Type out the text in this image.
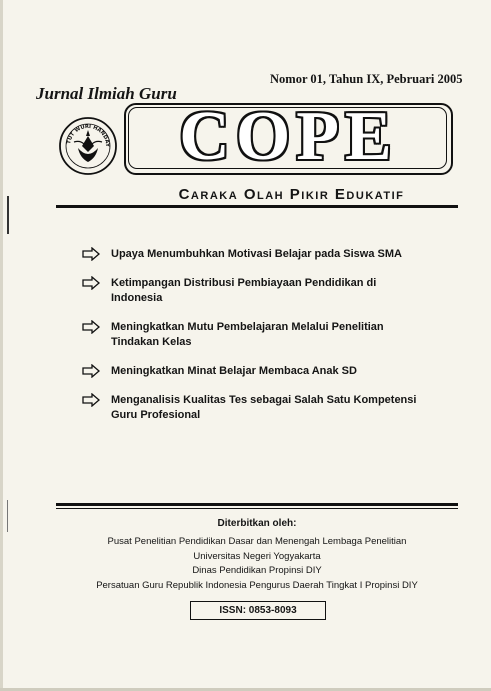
Nomor 01, Tahun IX, Pebruari 2005
Jurnal Ilmiah Guru
TUT WURI HANDAY COPE
Caraka Olah Pikir Edukatif
Upaya Menumbuhkan Motivasi Belajar pada Siswa SMA
Ketimpangan Distribusi Pembiayaan Pendidikan di
Indonesia
Meningkatkan Mutu Pembelajaran Melalui Penelitian
Tindakan Kelas
Meningkatkan Minat Belajar Membaca Anak SD
Menganalisis Kualitas Tes sebagai Salah Satu Kompetensi
Guru Profesional
Diterbitkan oleh:
Pusat Penelitian Pendidikan Dasar dan Menengah Lembaga Penelitian
Universitas Negeri Yogyakarta
Dinas Pendidikan Propinsi DIY
Persatuan Guru Republik Indonesia Pengurus Daerah Tingkat I Propinsi DIY
ISSN: 0853-8093
